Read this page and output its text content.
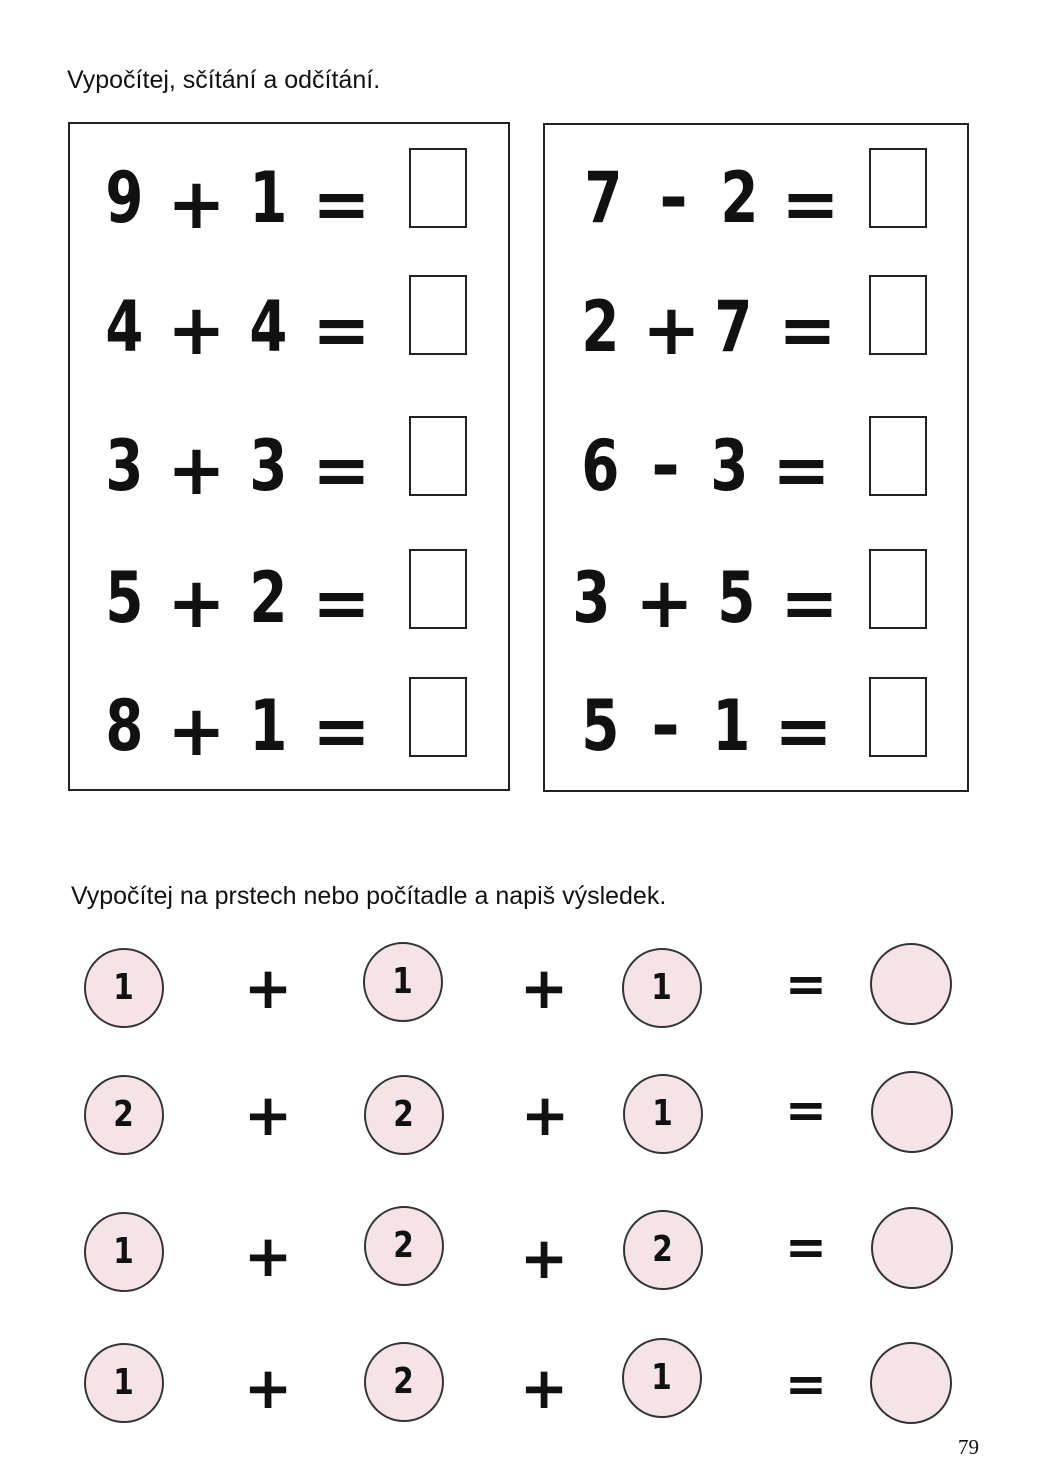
Vypočítej, sčítání a odčítání.
9 + 1 =
4 + 4 =
3 + 3 =
5 + 2 =
8 + 1 =
7 - 2 =
2 + 7 =
6 - 3 =
3 + 5 =
5 - 1 =
Vypočítej na prstech nebo počítadle a napiš výsledek.
1 +	1 + 1 =
2 +	2 + 1 =
1 +	2 + 2 =
1 +	2 + 1 =
79
